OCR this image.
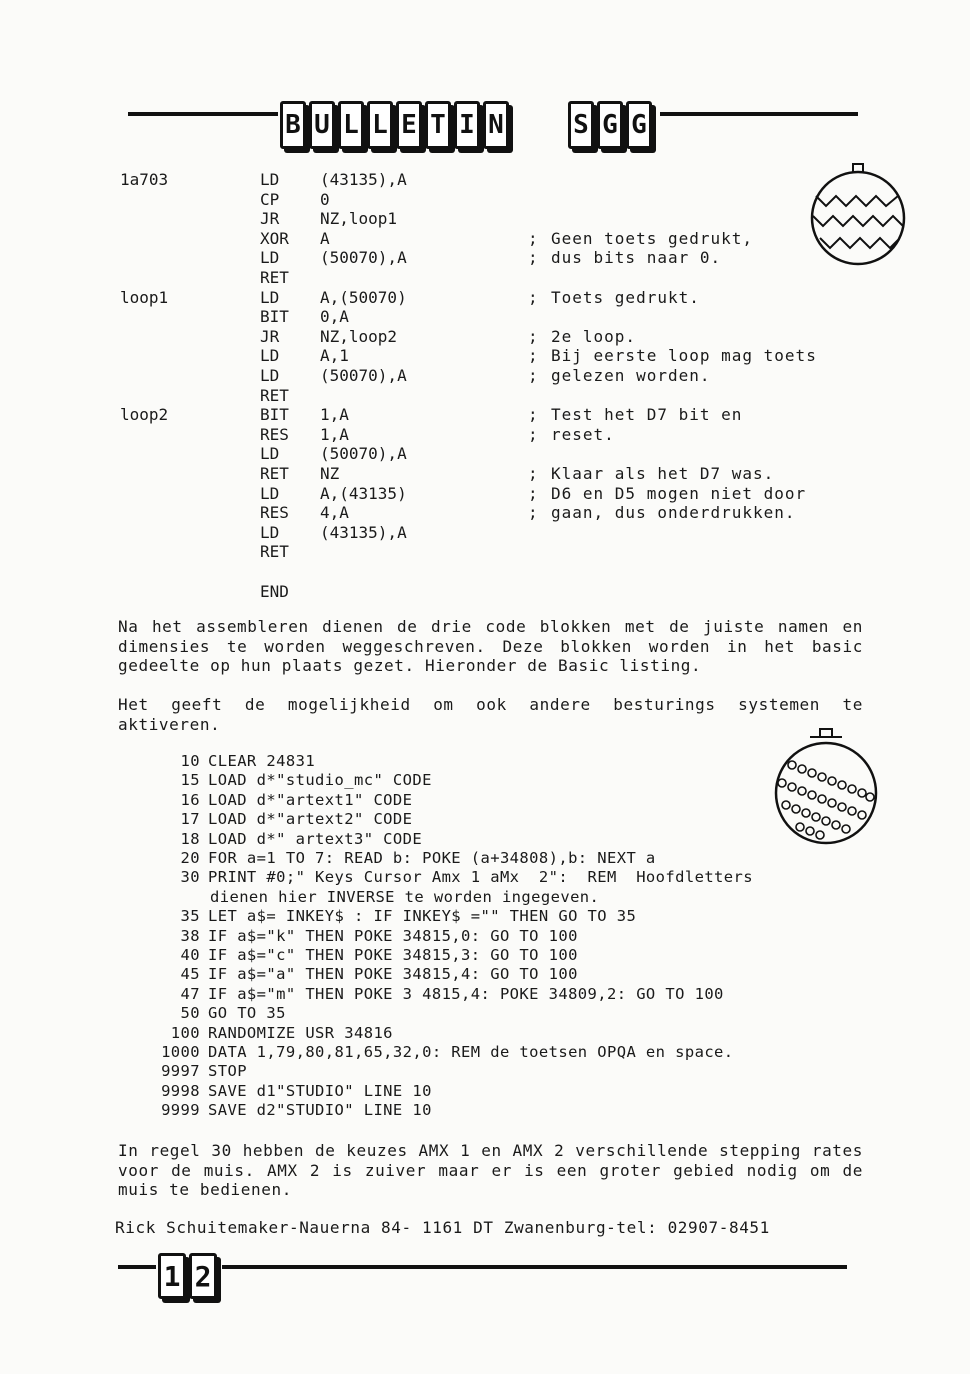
B U L L E T I N	S G G
1a703	LD	(43135),A
CP	0
JR	NZ,loop1
XOR A	; Geen toets gedrukt,
LD	(50070),A	; dus bits naar 0.
RET
loop1	LD	A,(50070)	; Toets gedrukt.
BIT 0,A
JR	NZ,loop2	; 2e loop.
LD	A,1	; Bij eerste loop mag toets
LD	(50070),A	; gelezen worden.
RET
loop2	BIT 1,A	; Test het D7 bit en
RES 1,A	; reset.
LD	(50070),A
RET NZ	; Klaar als het D7 was.
LD	A,(43135)	; D6 en D5 mogen niet door
RES 4,A	; gaan, dus onderdrukken.
LD	(43135),A
RET
END
Na het assembleren dienen de drie code blokken met de juiste namen en dimensies te worden weggeschreven. Deze blokken worden in het basic gedeelte op hun plaats gezet. Hieronder de Basic listing.
Het geeft de mogelijkheid om ook andere besturings systemen te aktiveren.
10 CLEAR 24831
15 LOAD d*"studio_mc" CODE
16 LOAD d*"artext1" CODE
17 LOAD d*"artext2" CODE
18 LOAD d*" artext3" CODE
20 FOR a=1 TO 7: READ b: POKE (a+34808),b: NEXT a
30 PRINT #0;" Keys Cursor Amx 1 aMx  2":  REM  Hoofdletters
dienen hier INVERSE te worden ingegeven.
35 LET a$= INKEY$ : IF INKEY$ ="" THEN GO TO 35
38 IF a$="k" THEN POKE 34815,0: GO TO 100
40 IF a$="c" THEN POKE 34815,3: GO TO 100
45 IF a$="a" THEN POKE 34815,4: GO TO 100
47 IF a$="m" THEN POKE 3 4815,4: POKE 34809,2: GO TO 100
50 GO TO 35
100 RANDOMIZE USR 34816
1000 DATA 1,79,80,81,65,32,0: REM de toetsen OPQA en space.
9997 STOP
9998 SAVE d1"STUDIO" LINE 10
9999 SAVE d2"STUDIO" LINE 10
In regel 30 hebben de keuzes AMX 1 en AMX 2 verschillende stepping rates voor de muis. AMX 2 is zuiver maar er is een groter gebied nodig om de muis te bedienen.
Rick Schuitemaker-Nauerna 84- 1161 DT Zwanenburg-tel: 02907-8451
1 2
